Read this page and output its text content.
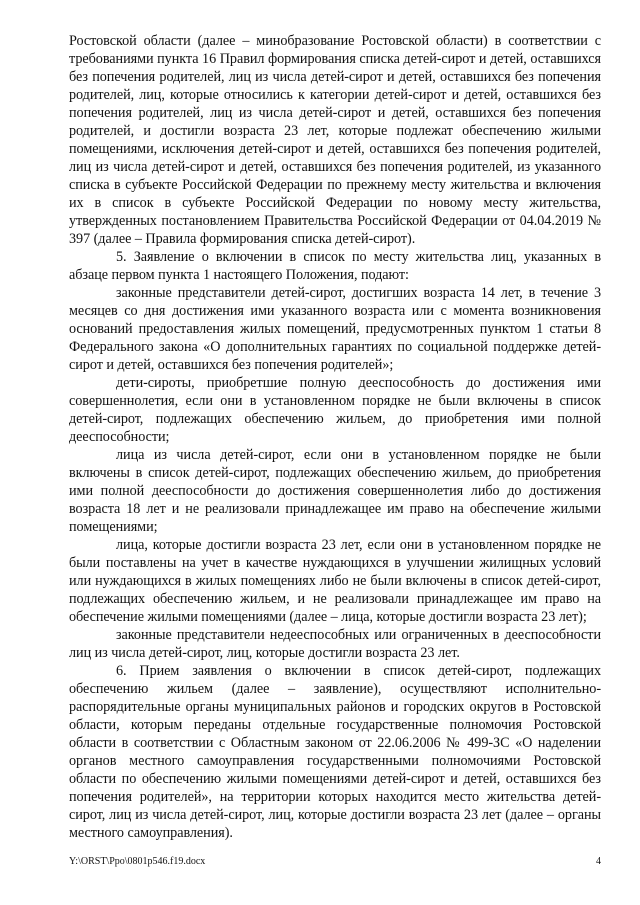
Ростовской области (далее – минобразование Ростовской области) в соответствии с требованиями пункта 16 Правил формирования списка детей-сирот и детей, оставшихся без попечения родителей, лиц из числа детей-сирот и детей, оставшихся без попечения родителей, лиц, которые относились к категории детей-сирот и детей, оставшихся без попечения родителей, лиц из числа детей-сирот и детей, оставшихся без попечения родителей, и достигли возраста 23 лет, которые подлежат обеспечению жилыми помещениями, исключения детей-сирот и детей, оставшихся без попечения родителей, лиц из числа детей-сирот и детей, оставшихся без попечения родителей, из указанного списка в субъекте Российской Федерации по прежнему месту жительства и включения их в список в субъекте Российской Федерации по новому месту жительства, утвержденных постановлением Правительства Российской Федерации от 04.04.2019 № 397 (далее – Правила формирования списка детей-сирот).

5. Заявление о включении в список по месту жительства лиц, указанных в абзаце первом пункта 1 настоящего Положения, подают:

законные представители детей-сирот, достигших возраста 14 лет, в течение 3 месяцев со дня достижения ими указанного возраста или с момента возникновения оснований предоставления жилых помещений, предусмотренных пунктом 1 статьи 8 Федерального закона «О дополнительных гарантиях по социальной поддержке детей-сирот и детей, оставшихся без попечения родителей»;

дети-сироты, приобретшие полную дееспособность до достижения ими совершеннолетия, если они в установленном порядке не были включены в список детей-сирот, подлежащих обеспечению жильем, до приобретения ими полной дееспособности;

лица из числа детей-сирот, если они в установленном порядке не были включены в список детей-сирот, подлежащих обеспечению жильем, до приобретения ими полной дееспособности до достижения совершеннолетия либо до достижения возраста 18 лет и не реализовали принадлежащее им право на обеспечение жилыми помещениями;

лица, которые достигли возраста 23 лет, если они в установленном порядке не были поставлены на учет в качестве нуждающихся в улучшении жилищных условий или нуждающихся в жилых помещениях либо не были включены в список детей-сирот, подлежащих обеспечению жильем, и не реализовали принадлежащее им право на обеспечение жилыми помещениями (далее – лица, которые достигли возраста 23 лет);

законные представители недееспособных или ограниченных в дееспособности лиц из числа детей-сирот, лиц, которые достигли возраста 23 лет.

6. Прием заявления о включении в список детей-сирот, подлежащих обеспечению жильем (далее – заявление), осуществляют исполнительно-распорядительные органы муниципальных районов и городских округов в Ростовской области, которым переданы отдельные государственные полномочия Ростовской области в соответствии с Областным законом от 22.06.2006 № 499-ЗС «О наделении органов местного самоуправления государственными полномочиями Ростовской области по обеспечению жилыми помещениями детей-сирот и детей, оставшихся без попечения родителей», на территории которых находится место жительства детей-сирот, лиц из числа детей-сирот, лиц, которые достигли возраста 23 лет (далее – органы местного самоуправления).

Y:\ORST\Ppo\0801p546.f19.docx	4
